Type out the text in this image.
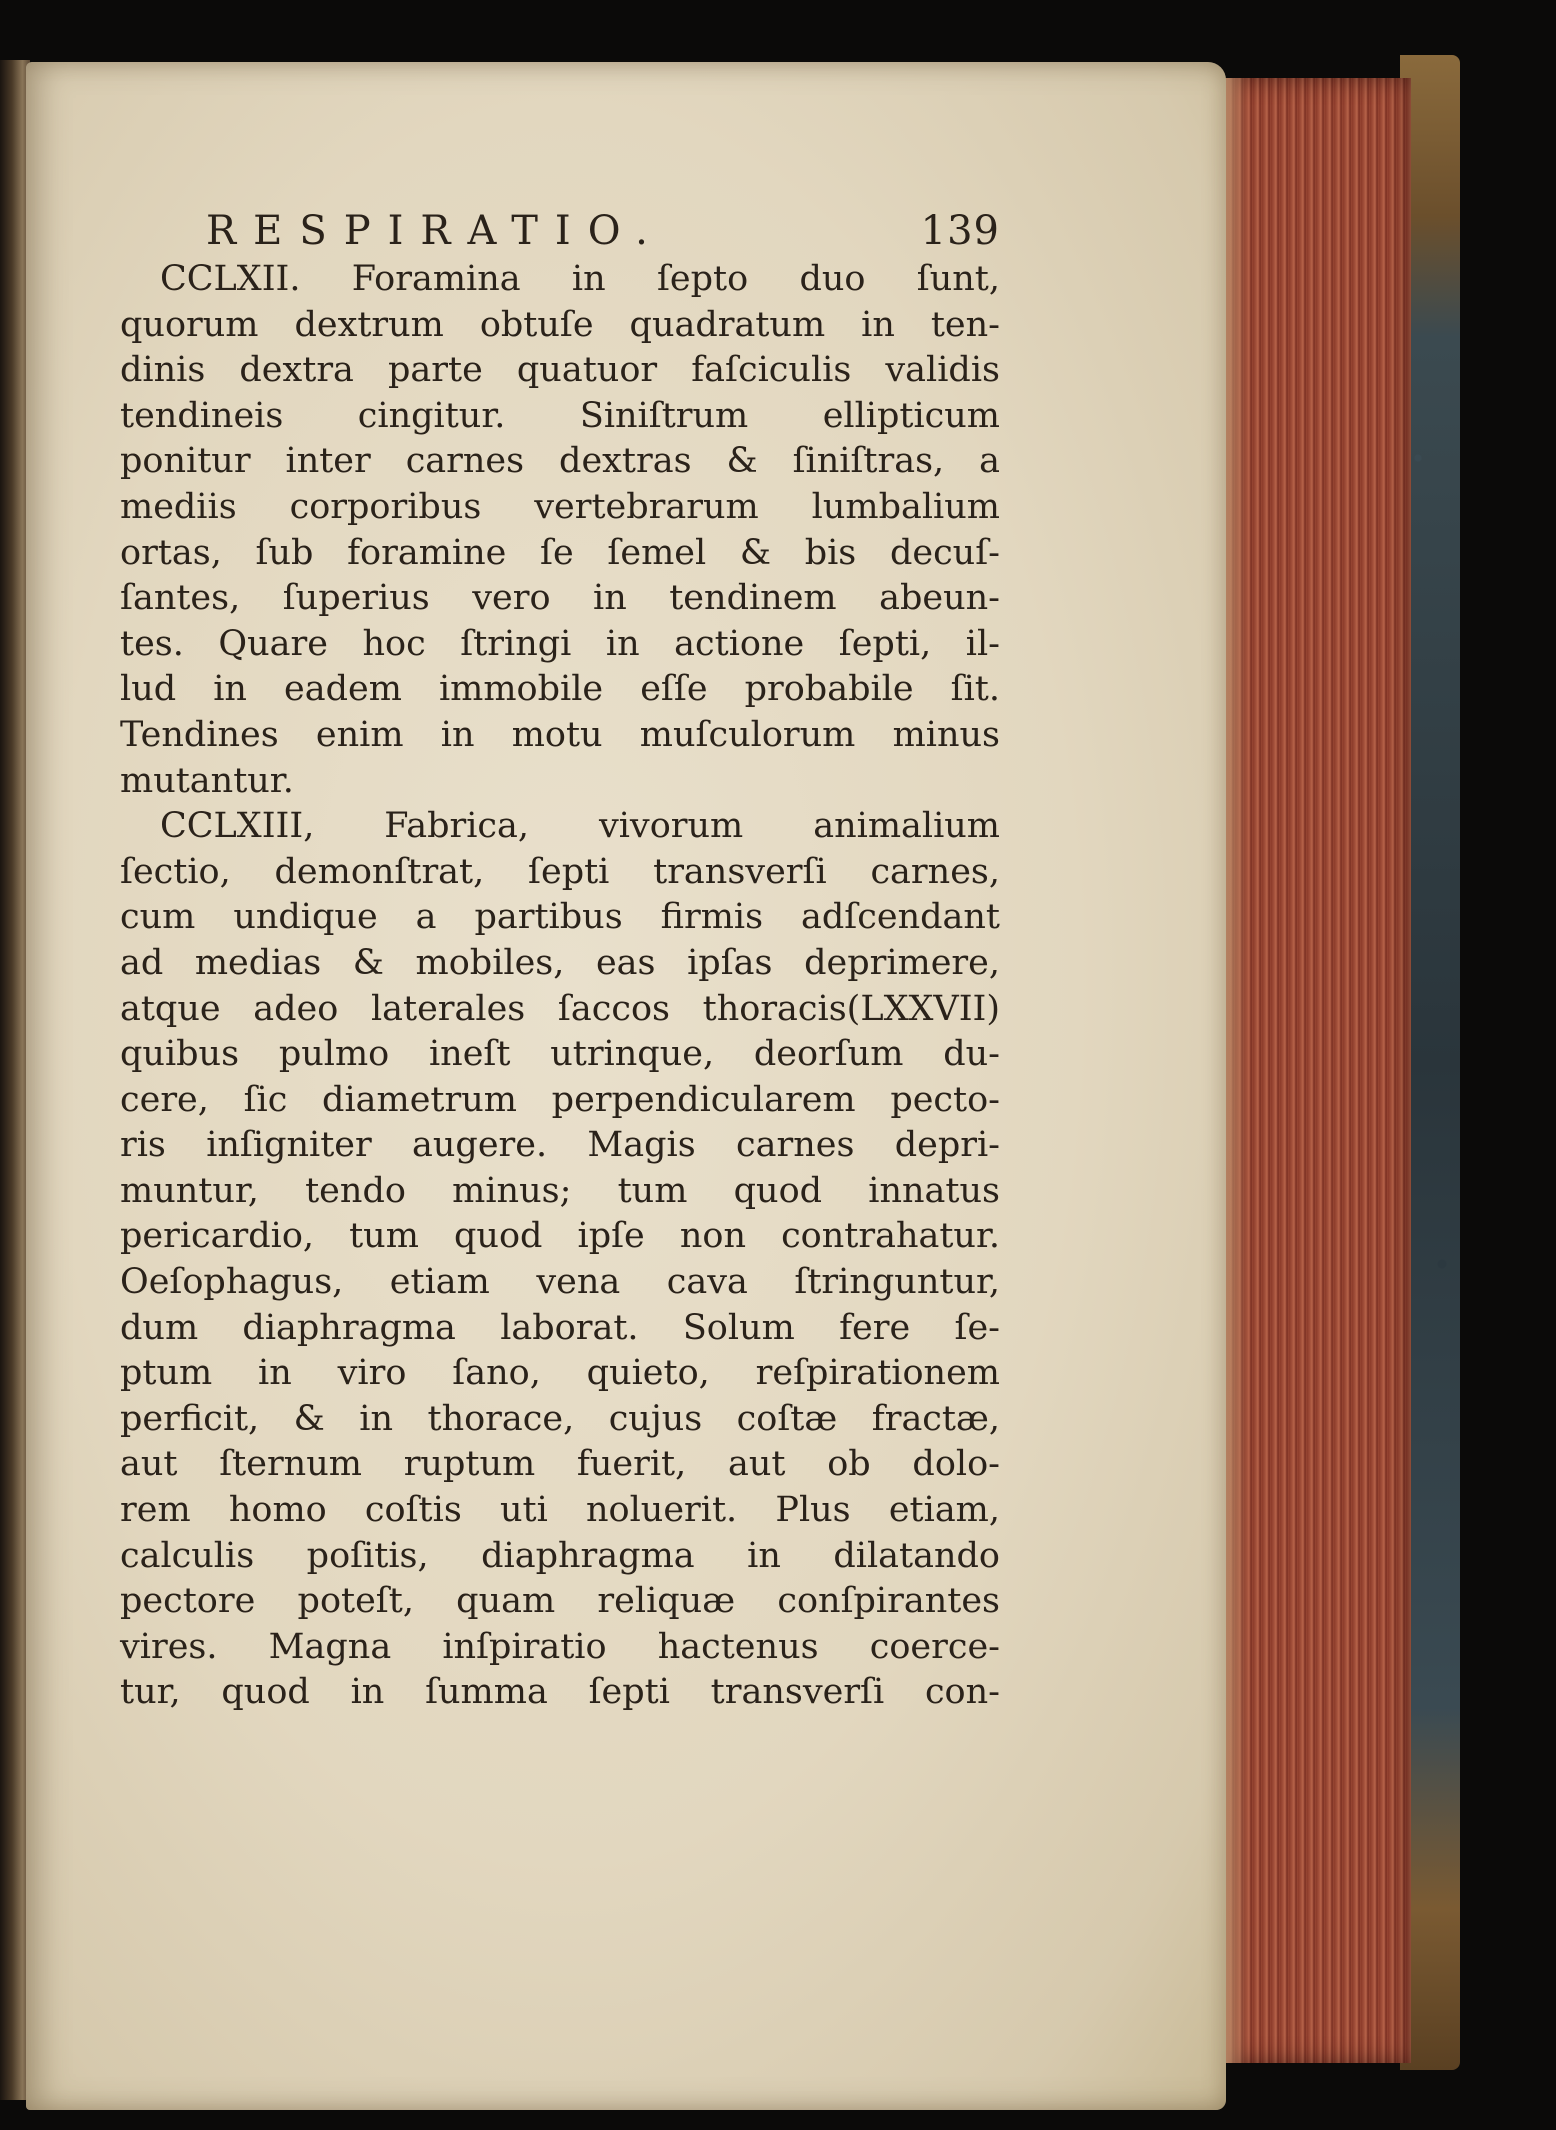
RESPIRATIO.	139
CCLXII. Foramina in ſepto duo ſunt,
quorum dextrum obtuſe quadratum in ten-
dinis dextra parte quatuor faſciculis validis
tendineis cingitur. Siniſtrum ellipticum
ponitur inter carnes dextras & ſiniſtras, a
mediis corporibus vertebrarum lumbalium
ortas, ſub foramine ſe ſemel & bis decuſ-
ſantes, ſuperius vero in tendinem abeun-
tes. Quare hoc ſtringi in actione ſepti, il-
lud in eadem immobile eſſe probabile ſit.
Tendines enim in motu muſculorum minus
mutantur.
CCLXIII, Fabrica, vivorum animalium
ſectio, demonſtrat, ſepti transverſi carnes,
cum undique a partibus firmis adſcendant
ad medias & mobiles, eas ipſas deprimere,
atque adeo laterales ſaccos thoracis(LXXVII)
quibus pulmo ineſt utrinque, deorſum du-
cere, ſic diametrum perpendicularem pecto-
ris inſigniter augere. Magis carnes depri-
muntur, tendo minus; tum quod innatus
pericardio, tum quod ipſe non contrahatur.
Oeſophagus, etiam vena cava ſtringuntur,
dum diaphragma laborat. Solum fere ſe-
ptum in viro ſano, quieto, reſpirationem
perficit, & in thorace, cujus coſtæ fractæ,
aut ſternum ruptum fuerit, aut ob dolo-
rem homo coſtis uti noluerit. Plus etiam,
calculis poſitis, diaphragma in dilatando
pectore poteſt, quam reliquæ conſpirantes
vires. Magna inſpiratio hactenus coerce-
tur, quod in ſumma ſepti transverſi con-
